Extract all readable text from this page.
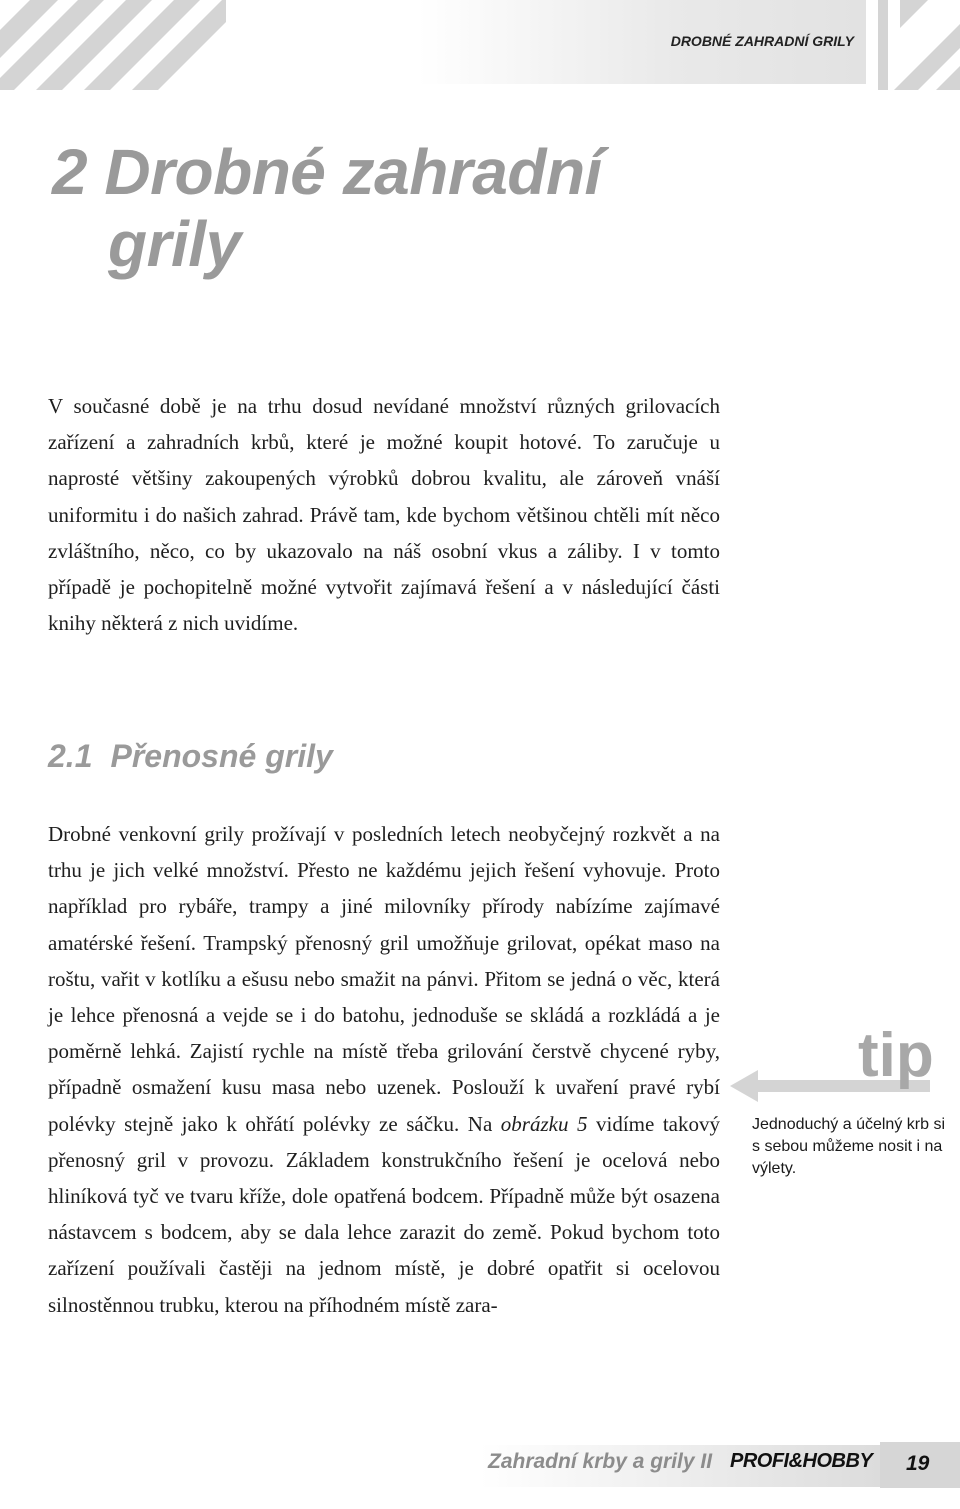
DROBNÉ ZAHRADNÍ GRILY
2 Drobné zahradní
grily

V současné době je na trhu dosud nevídané množství různých grilovacích zařízení a zahradních krbů, které je možné koupit hotové. To zaručuje u naprosté většiny zakoupených výrobků dobrou kvalitu, ale zároveň vnáší uniformitu i do našich zahrad. Právě tam, kde bychom většinou chtěli mít něco zvláštního, něco, co by ukazovalo na náš osobní vkus a záliby. I v tomto případě je pochopitelně možné vytvořit zajímavá řešení a v následující části knihy některá z nich uvidíme.

2.1 Přenosné grily

Drobné venkovní grily prožívají v posledních letech neobyčejný rozkvět a na trhu je jich velké množství. Přesto ne každému jejich řešení vyhovuje. Proto například pro rybáře, trampy a jiné milovníky přírody nabízíme zajímavé amatérské řešení. Trampský přenosný gril umožňuje grilovat, opékat maso na roštu, vařit v kotlíku a ešusu nebo smažit na pánvi. Přitom se jedná o věc, která je lehce přenosná a vejde se i do batohu, jednoduše se skládá a rozkládá a je poměrně lehká. Zajistí rychle na místě třeba grilování čerstvě chycené ryby, případně osmažení kusu masa nebo uzenek. Poslouží k uvaření pravé rybí polévky stejně jako k ohřátí polévky ze sáčku. Na obrázku 5 vidíme takový přenosný gril v provozu. Základem konstrukčního řešení je ocelová nebo hliníková tyč ve tvaru kříže, dole opatřená bodcem. Případně může být osazena nástavcem s bodcem, aby se dala lehce zarazit do země. Pokud bychom toto zařízení používali častěji na jednom místě, je dobré opatřit si ocelovou silnostěnnou trubku, kterou na příhodném místě zara-

tip

Jednoduchý a účelný krb si s sebou můžeme nosit i na výlety.

Zahradní krby a grily II PROFI&HOBBY 19
